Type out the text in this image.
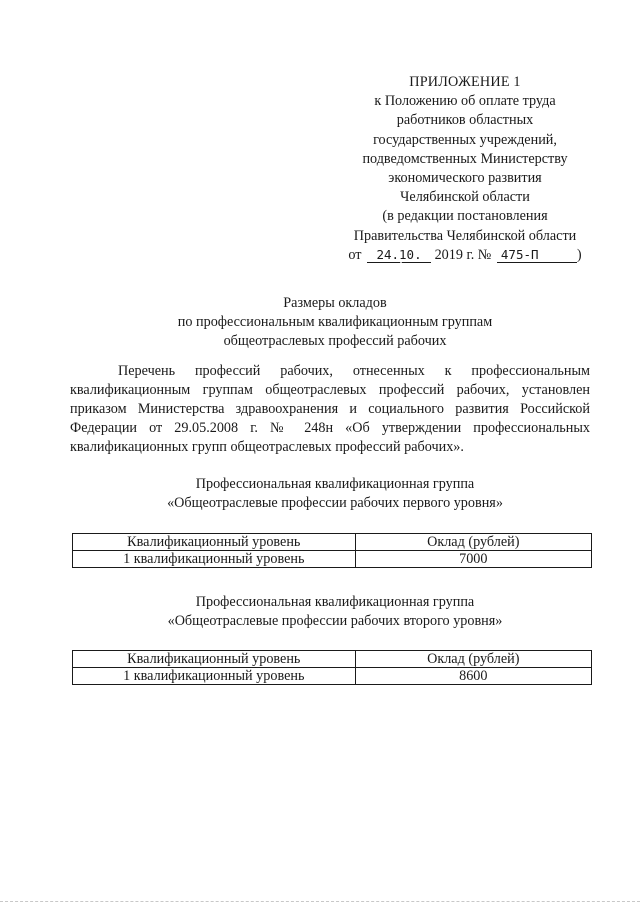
ПРИЛОЖЕНИЕ 1
к Положению об оплате труда
работников областных
государственных учреждений,
подведомственных Министерству
экономического развития
Челябинской области
(в редакции постановления
Правительства Челябинской области
от 24.10. 2019 г. № 475-П	)
Размеры окладов
по профессиональным квалификационным группам
общеотраслевых профессий рабочих
Перечень профессий рабочих, отнесенных к профессиональным квалификационным группам общеотраслевых профессий рабочих, установлен приказом Министерства здравоохранения и социального развития Российской Федерации от 29.05.2008 г. № 248н «Об утверждении профессиональных квалификационных групп общеотраслевых профессий рабочих».
Профессиональная квалификационная группа
«Общеотраслевые профессии рабочих первого уровня»
Квалификационный уровень	Оклад (рублей)
1 квалификационный уровень	7000
Профессиональная квалификационная группа
«Общеотраслевые профессии рабочих второго уровня»
Квалификационный уровень	Оклад (рублей)
1 квалификационный уровень	8600
